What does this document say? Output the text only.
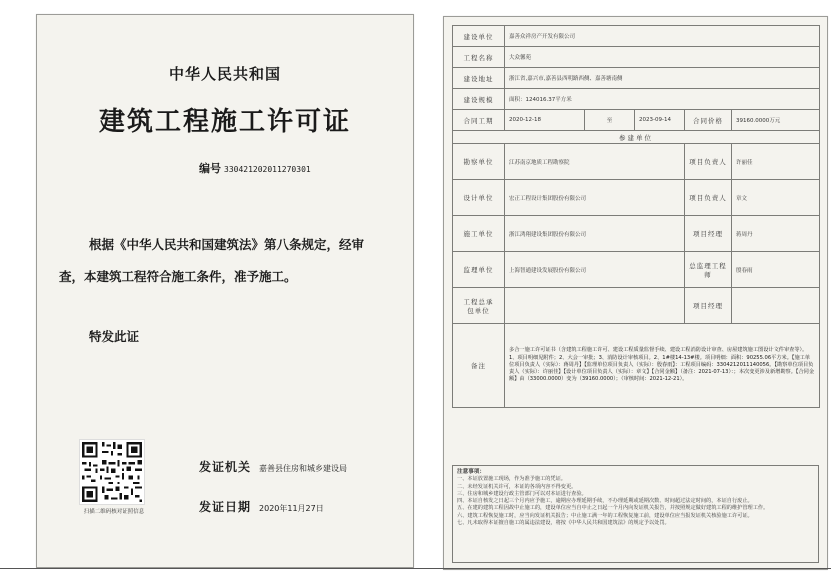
中华人民共和国
建筑工程施工许可证
编号 330421202011270301
根据《中华人民共和国建筑法》第八条规定，经审
查，本建筑工程符合施工条件，准予施工。
特发此证
扫描二维码核对证照信息
发证机关 嘉善县住房和城乡建设局
发证日期 2020年11月27日
建设单位	嘉善众祥房产开发有限公司				
工程名称	大众馨苑				
建设地址	浙江省,嘉兴市,嘉善县西明路西侧、嘉善塘南侧				
建设规模	面积：124016.37平方米				
合同工期	2020-12-18	至	2023-09-14	合同价格	39160.0000万元
参建单位					
勘察单位	江苏南京地质工程勘察院			项目负责人	许丽佳
设计单位	宏正工程设计集团股份有限公司			项目负责人	章文
施工单位	浙江鸿翔建设集团股份有限公司			项目经理	蒋周丹
监理单位	上海智通建设发展股份有限公司			总监理工程师	殷春雨
工程总承包单位				项目经理	
备注	多合一施工许可证书（含建筑工程施工许可、建设工程质量监督手续、建设工程消防设计审查、房屋建筑施工图设计文件审查等）。1、项目明细见附件；2、大会一审批；3、消防设计审核项目。2、1#楼14-13#楼。项目明细：面积：90255.06平方米。【施工单位项目负责人（实际）：蒋周丹】【监理单位项目负责人（实际）：殷春雨】：工程项目编码：3304212011140056。【勘察单位项目负责人（实际）：许丽佳】【设计单位项目负责人（实际）：章文】【合同金额】（备注：2021-07-13）：；本次变更涉及新增勘察。【合同金额】由（33000.0000）变为（39160.0000）；（审核时间：2021-12-21）。				
注意事项：
一、本证放置施工现场，作为准予施工的凭证。
二、未经发证机关许可，本证的各项内容不得变更。
三、住房和城乡建设行政主管部门可以对本证进行查验。
四、本证自核发之日起三个月内应予施工，逾期应办理延期手续，不办理延期或延期次数、时间超过法定时间的，本证自行废止。
五、在建的建筑工程因故中止施工的，建设单位应当自中止之日起一个月内向发证机关报告，并按照规定做好建筑工程的维护管理工作。
六、建筑工程恢复施工时，应当向发证机关报告；中止施工满一年的工程恢复施工前，建设单位应当报发证机关核验施工许可证。
七、凡未取得本证擅自施工的属违法建设，将按《中华人民共和国建筑法》的规定予以处罚。
